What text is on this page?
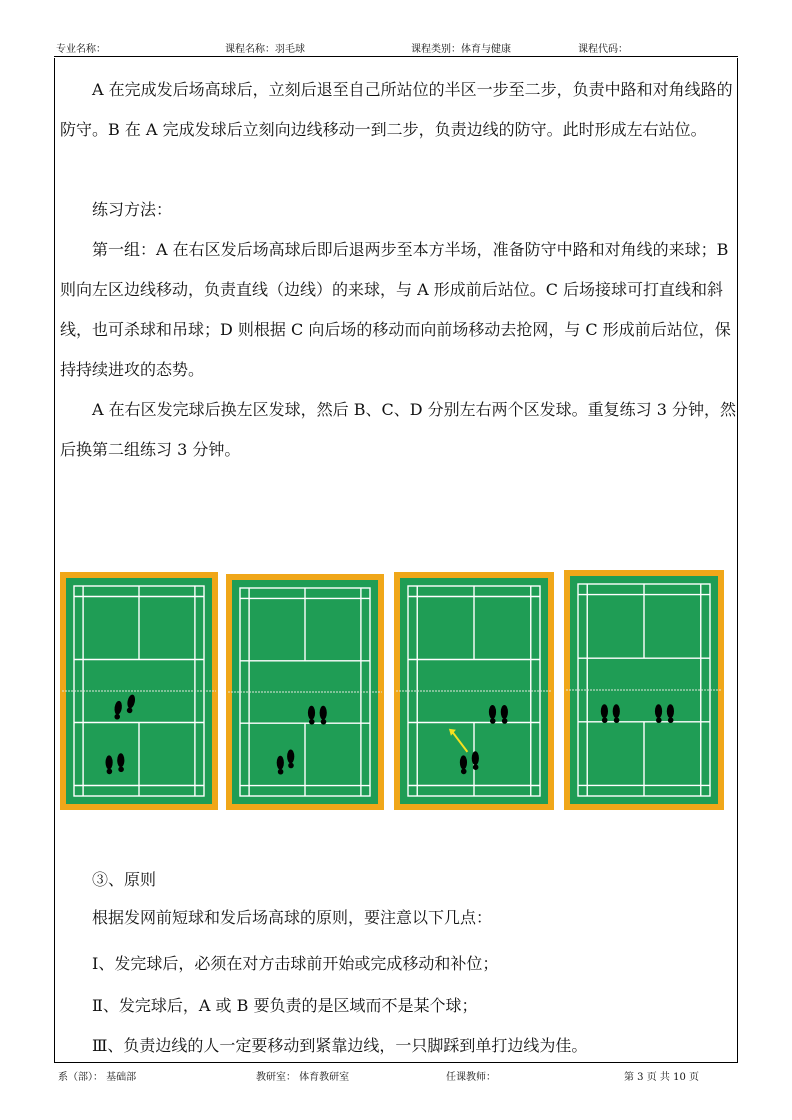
专业名称：	课程名称：羽毛球	课程类别：体育与健康	课程代码：

A 在完成发后场高球后，立刻后退至自己所站位的半区一步至二步，负责中路和对角线路的防守。B 在 A 完成发球后立刻向边线移动一到二步，负责边线的防守。此时形成左右站位。

练习方法：

第一组：A 在右区发后场高球后即后退两步至本方半场，准备防守中路和对角线的来球；B 则向左区边线移动，负责直线（边线）的来球，与 A 形成前后站位。C 后场接球可打直线和斜线，也可杀球和吊球；D 则根据 C 向后场的移动而向前场移动去抢网，与 C 形成前后站位，保持持续进攻的态势。

A 在右区发完球后换左区发球，然后 B、C、D 分别左右两个区发球。重复练习 3 分钟，然后换第二组练习 3 分钟。

③、原则

根据发网前短球和发后场高球的原则，要注意以下几点：

Ⅰ、发完球后，必须在对方击球前开始或完成移动和补位；

Ⅱ、发完球后，A 或 B 要负责的是区域而不是某个球；

Ⅲ、负责边线的人一定要移动到紧靠边线，一只脚踩到单打边线为佳。

系（部）： 基础部	教研室： 体育教研室	任课教师：	第 3 页 共 10 页
